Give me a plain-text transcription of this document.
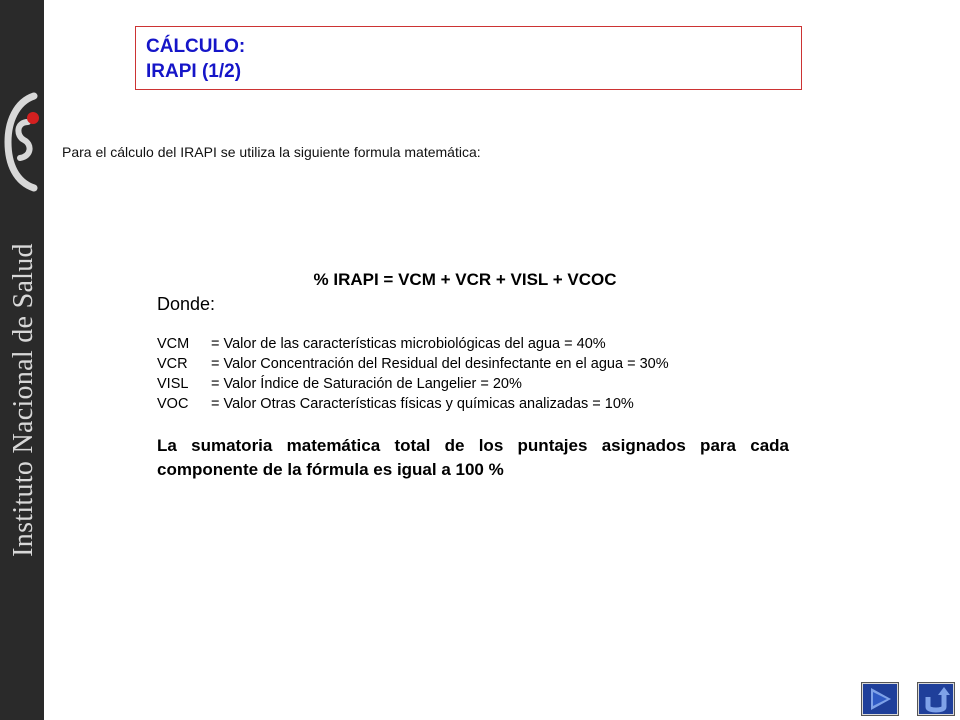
Instituto Nacional de Salud
CÁLCULO:
IRAPI (1/2)
Para el cálculo del IRAPI se utiliza la siguiente formula matemática:
% IRAPI = VCM + VCR + VISL + VCOC
Donde:
VCM	= Valor de las características microbiológicas del agua = 40%
VCR	= Valor Concentración del Residual del desinfectante en el agua = 30%
VISL	= Valor Índice de Saturación de Langelier = 20%
VOC	= Valor Otras Características físicas y químicas analizadas = 10%
La sumatoria matemática total de los puntajes asignados para cada componente de la fórmula es igual a 100 %
